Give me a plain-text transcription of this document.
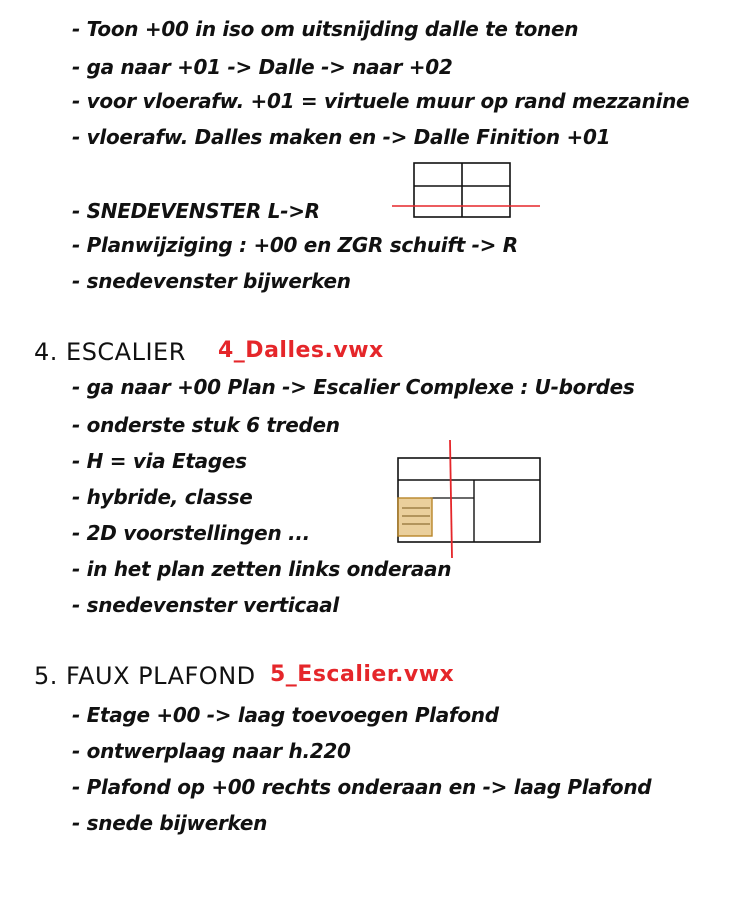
- Toon +00 in iso om uitsnijding dalle te tonen
- ga naar +01 -> Dalle -> naar +02
- voor vloerafw. +01 = virtuele muur op rand mezzanine
- vloerafw. Dalles maken en -> Dalle Finition +01
- SNEDEVENSTER L->R
- Planwijziging : +00 en ZGR schuift -> R
- snedevenster bijwerken
4. ESCALIER 4_Dalles.vwx
- ga naar +00 Plan -> Escalier Complexe : U-bordes
- onderste stuk 6 treden
- H = via Etages
- hybride, classe
- 2D voorstellingen ...
- in het plan zetten links onderaan
- snedevenster verticaal
5. FAUX PLAFOND 5_Escalier.vwx
- Etage +00 -> laag toevoegen Plafond
- ontwerplaag naar h.220
- Plafond op +00 rechts onderaan en -> laag Plafond
- snede bijwerken
